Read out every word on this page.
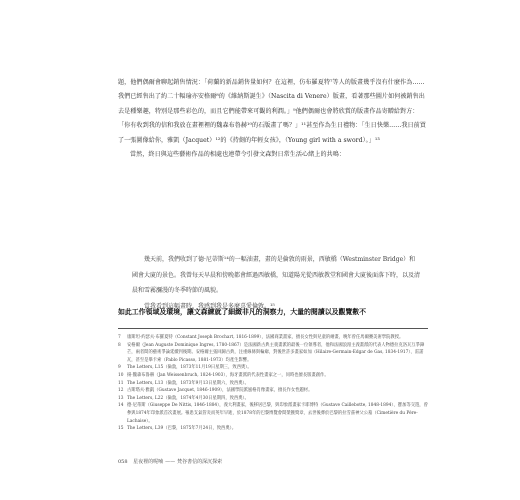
題，他們偶爾會聊起銷售情況：「荷蘭的新品銷售量如何？在這裡，仿布羅夏特⁷等人的版畫幾乎沒有什麼作為……我們已經售出了約二十幅瑜亦安格爾⁸的《維納斯誕生》（Nascita di Venere）版畫，看著那些圖片如何被銷售出去是種樂趣，特別是那些彩色的，而且它們能帶來可觀的利潤。」⁹他們偶爾也會將欣賞的版畫作品寄贈給對方：「你有收到我的信和我放在畫裡裡的魏森布魯赫¹⁰的石版畫了嗎？」¹¹甚至作為生日禮物：「生日快樂……我日前買了一張圖像給你，雅凱（Jacquet）¹²的《持劍的年輕女孩》，（Young girl with a sword）。」¹³

當然，終日與這些藝術作品的相處也連帶令引發文森對日常生活心緒上的共鳴：

幾天前，我們收到了德·尼蒂斯¹⁴的一幅油畫，畫的是倫敦的雨景，西敏橋（Westminster Bridge）和國會大廈的景色。我曾每天早晨和傍晚都會經過西敏橋，知道陽光從西敏教堂和國會大廈後面落下時，以及清晨和雪霧瀰漫的冬季時節的風貌。

當我看到這幅畫時，我感到我是多麼喜愛倫敦。¹⁵

如此工作領域及環境，讓文森練就了細緻非凡的洞察力，大量的閱讀以及觀覽數不
7	康斯坦·約瑟夫·布羅夏特（Constant Joseph Brochart, 1816-1899），法國商業畫家，擅長女性與兒童的繪畫，晚年曾任馬爾賽美術學院教授。
8	安格爾（Jean Auguste Dominique Ingres, 1780-1867）是法國新古典主義畫派的最後一位領導者，他和法國浪漫主義畫派的代表人物德拉克洛瓦互爭鋒芒，兩者間的藝術爭論延續到後期。安格爾主張回歸古典，注重線條與輪廓，對後世許多畫家如加（Hilaire-Germain-Edgar de Gas, 1834-1917）、雷諾瓦，甚至是畢卡索（Pablo Picasso, 1881-1973）均產生影響。
9	The Letters, L15（倫敦，1873年11月19日星期三，致西奧）。
10 揚·魏森布魯赫（Jan Weissenbruch, 1824-1903），海牙畫派的代表性畫家之一，同時也擅長版畫創作。
11 The Letters, L13（倫敦，1873年9月13日星期六，致西奧）。
12 古斯塔夫·雅凱（Gustave Jacquet, 1846-1909），法國學院派風格肖像畫家，擅長作女性題材。
13 The Letters, L22（倫敦，1874年4月30日星期四，致西奧）。
14 德·尼蒂斯（Giuseppe De Nittis, 1846-1884），義大利畫家，後移居巴黎，與印象派畫家卡耶博特（Gustave Caillebotte, 1848-1894）、寶加等交遊，曾參與1874年印象派首次畫展。罹患支氣管炎而英年早逝，於1878年的巴黎博覽會間榮獲獎章，去世後葬於巴黎的拉雪茲神父公墓（Cimetière du Père-Lachaise）。
15 The Letters, L39（巴黎，1875年7月24日，致西奧）。
058 星夜裡的呢喃 —— 梵谷書信的深沉探索
